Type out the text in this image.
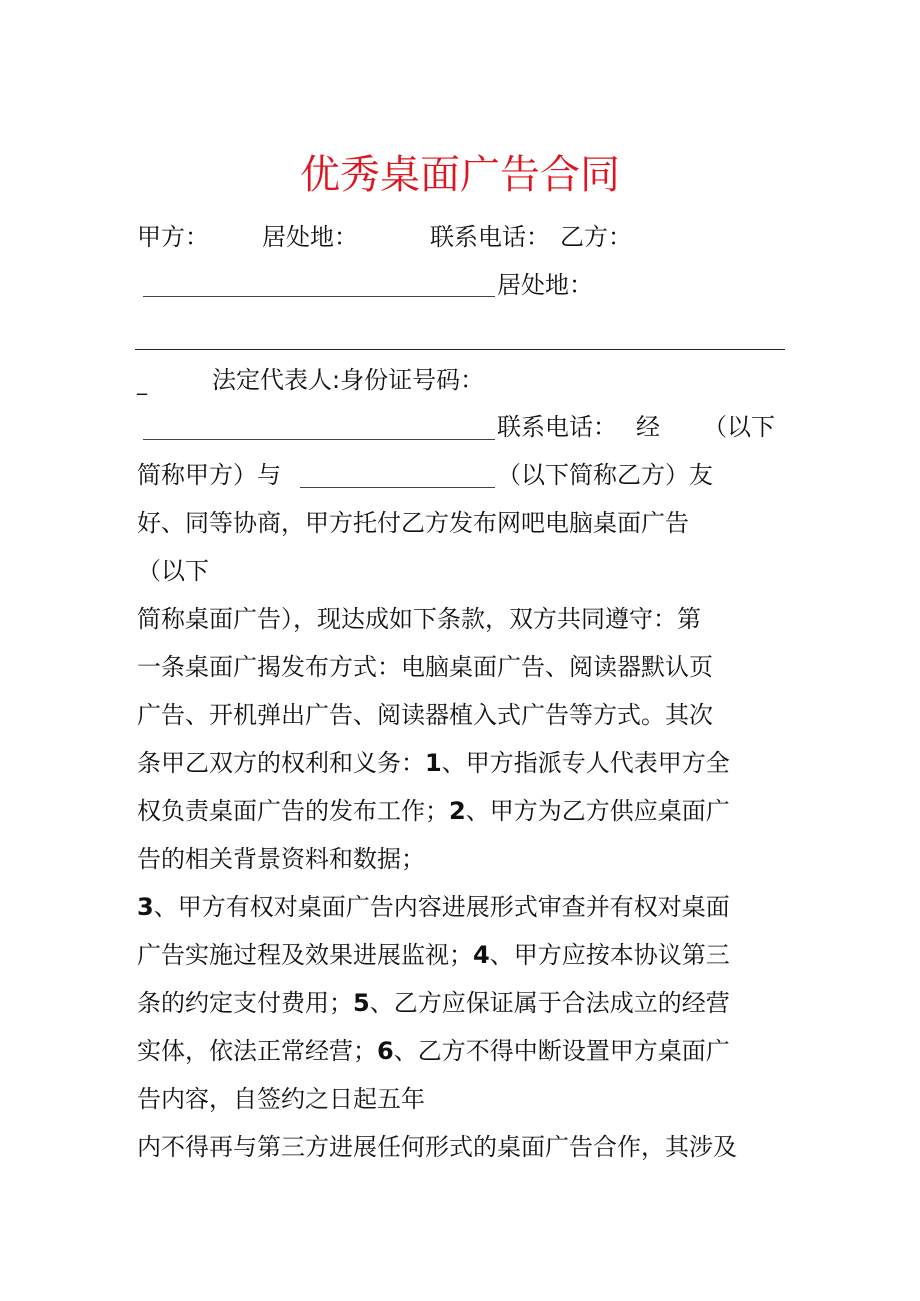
优秀桌面广告合同
甲方： 居处地：	联系电话： 乙方：
居处地：
_	法定代表人:身份证号码：
联系电话： 经 （以下
简称甲方）与	（以下简称乙方）友
好、同等协商，甲方托付乙方发布网吧电脑桌面广告
（以下
简称桌面广告），现达成如下条款，双方共同遵守：第
一条桌面广揭发布方式：电脑桌面广告、阅读器默认页
广告、开机弹出广告、阅读器植入式广告等方式。其次
条甲乙双方的权利和义务：1、甲方指派专人代表甲方全
权负责桌面广告的发布工作；2、甲方为乙方供应桌面广
告的相关背景资料和数据；
3、甲方有权对桌面广告内容进展形式审查并有权对桌面
广告实施过程及效果进展监视；4、甲方应按本协议第三
条的约定支付费用；5、乙方应保证属于合法成立的经营
实体，依法正常经营；6、乙方不得中断设置甲方桌面广
告内容，自签约之日起五年
内不得再与第三方进展任何形式的桌面广告合作，其涉及
